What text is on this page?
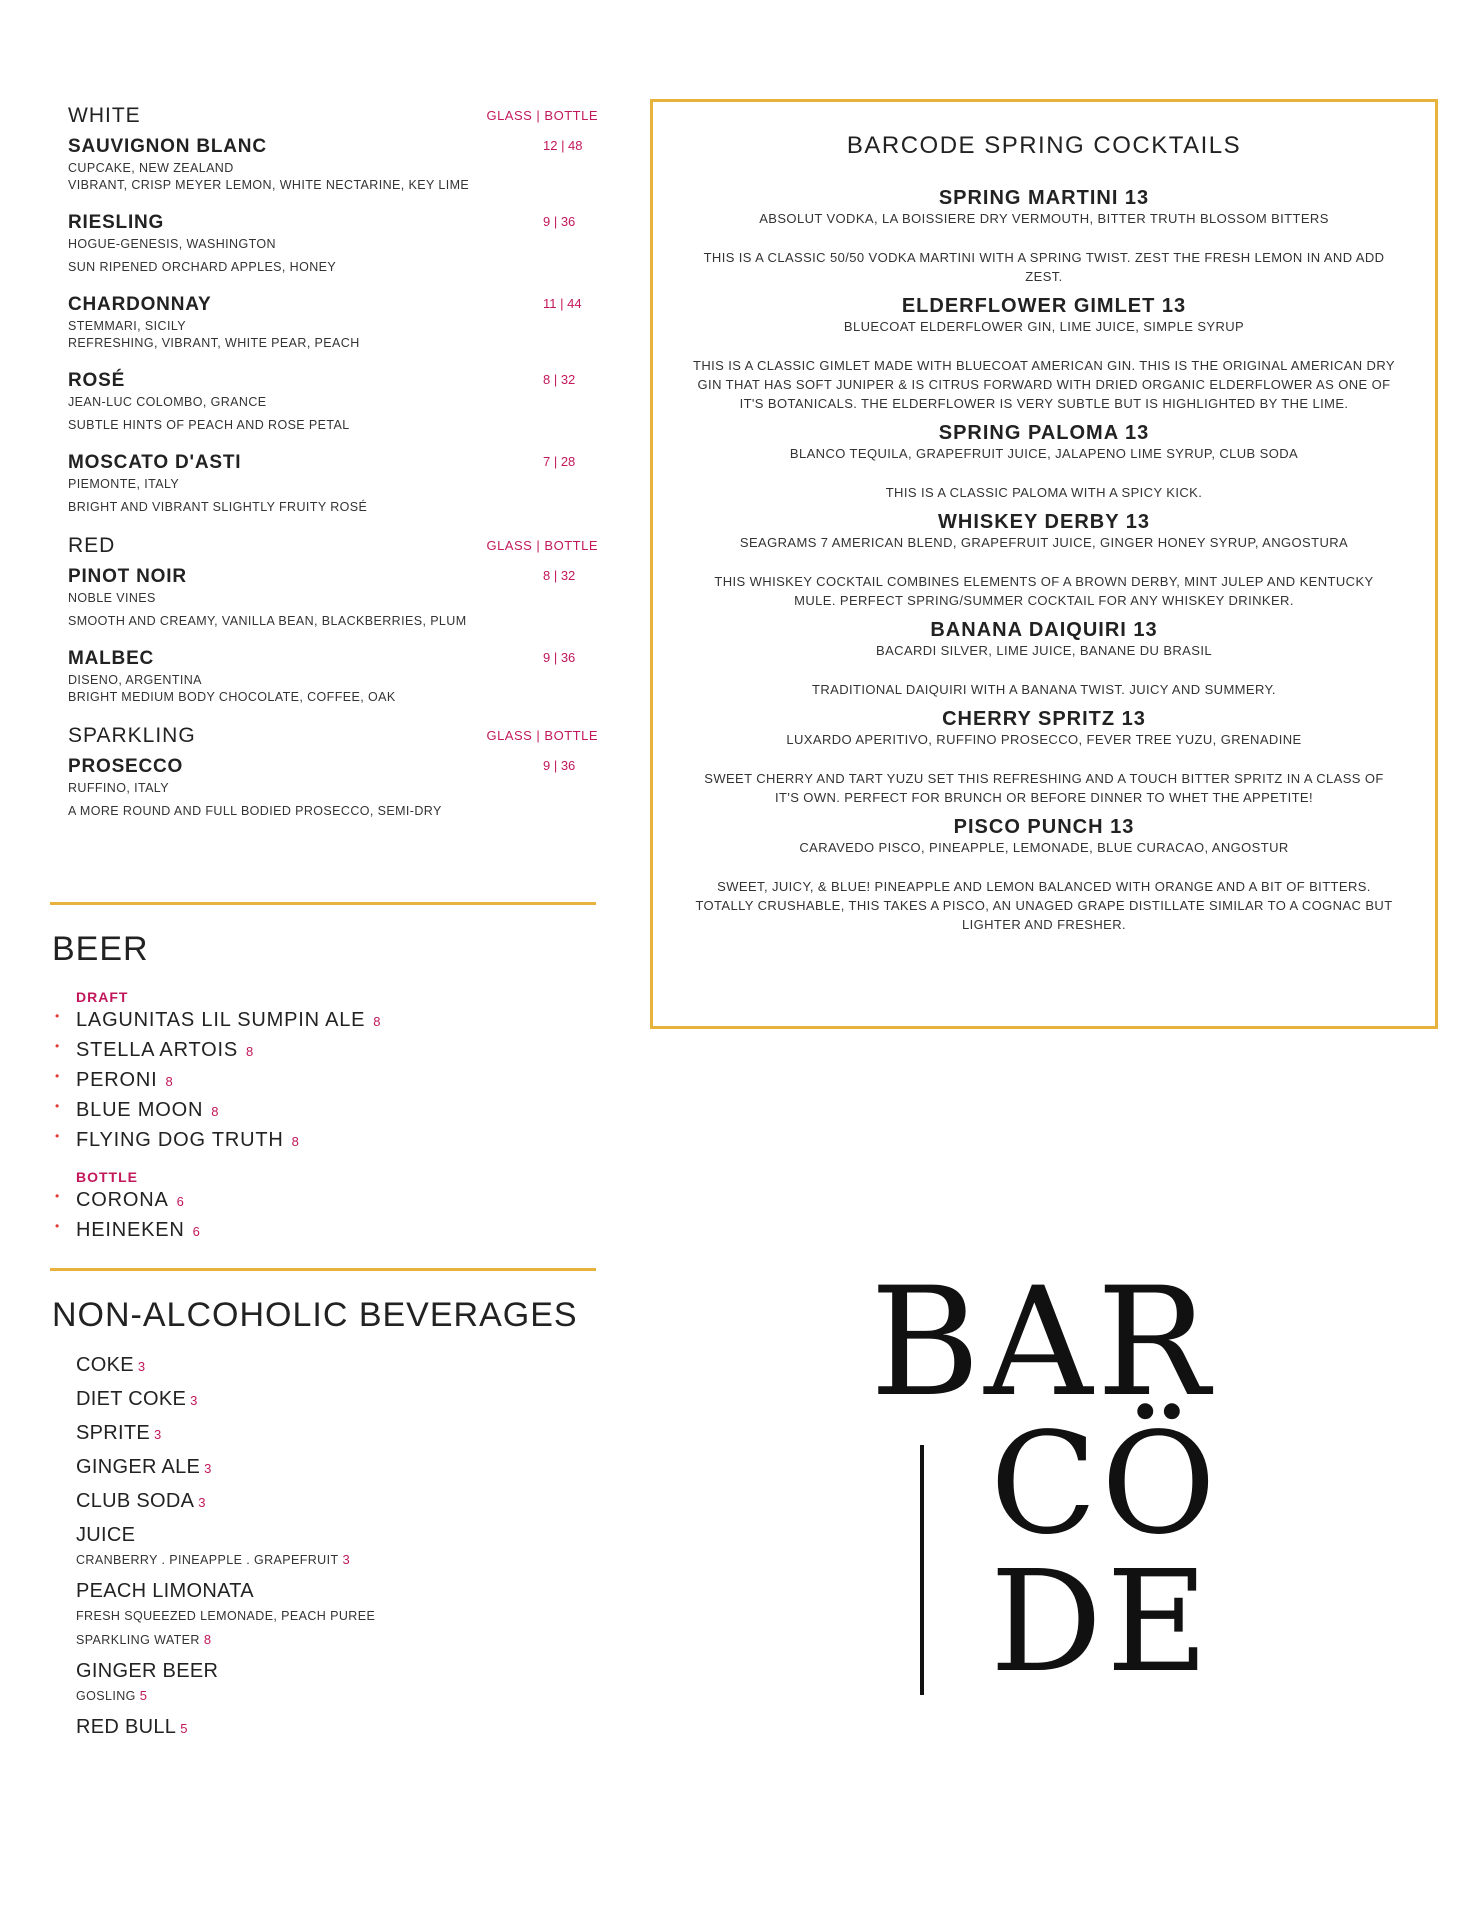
WHITE	GLASS | BOTTLE
SAUVIGNON BLANC	12 | 48
CUPCAKE, NEW ZEALAND
VIBRANT, CRISP MEYER LEMON, WHITE NECTARINE, KEY LIME
RIESLING	9 | 36
HOGUE-GENESIS, WASHINGTON
SUN RIPENED ORCHARD APPLES, HONEY
CHARDONNAY	11 | 44
STEMMARI, SICILY
REFRESHING, VIBRANT, WHITE PEAR, PEACH
ROSÉ	8 | 32
JEAN-LUC COLOMBO, GRANCE
SUBTLE HINTS OF PEACH AND ROSE PETAL
MOSCATO D'ASTI	7 | 28
PIEMONTE, ITALY
BRIGHT AND VIBRANT SLIGHTLY FRUITY ROSÉ
RED	GLASS | BOTTLE
PINOT NOIR	8 | 32
NOBLE VINES
SMOOTH AND CREAMY, VANILLA BEAN, BLACKBERRIES, PLUM
MALBEC	9 | 36
DISENO, ARGENTINA
BRIGHT MEDIUM BODY CHOCOLATE, COFFEE, OAK
SPARKLING	GLASS | BOTTLE
PROSECCO	9 | 36
RUFFINO, ITALY
A MORE ROUND AND FULL BODIED PROSECCO, SEMI-DRY
BEER
DRAFT
• LAGUNITAS LIL SUMPIN ALE 8
• STELLA ARTOIS 8
• PERONI 8
• BLUE MOON 8
• FLYING DOG TRUTH 8
BOTTLE
• CORONA 6
• HEINEKEN 6
NON-ALCOHOLIC BEVERAGES
COKE 3
DIET COKE 3
SPRITE 3
GINGER ALE 3
CLUB SODA 3
JUICE
CRANBERRY . PINEAPPLE . GRAPEFRUIT 3
PEACH LIMONATA
FRESH SQUEEZED LEMONADE, PEACH PUREE
SPARKLING WATER 8
GINGER BEER
GOSLING 5
RED BULL 5
BARCODE SPRING COCKTAILS
SPRING MARTINI 13
ABSOLUT VODKA, LA BOISSIERE DRY VERMOUTH, BITTER TRUTH BLOSSOM BITTERS
THIS IS A CLASSIC 50/50 VODKA MARTINI WITH A SPRING TWIST. ZEST THE FRESH LEMON IN AND ADD ZEST.
ELDERFLOWER GIMLET 13
BLUECOAT ELDERFLOWER GIN, LIME JUICE, SIMPLE SYRUP
THIS IS A CLASSIC GIMLET MADE WITH BLUECOAT AMERICAN GIN. THIS IS THE ORIGINAL AMERICAN DRY GIN THAT HAS SOFT JUNIPER & IS CITRUS FORWARD WITH DRIED ORGANIC ELDERFLOWER AS ONE OF IT'S BOTANICALS. THE ELDERFLOWER IS VERY SUBTLE BUT IS HIGHLIGHTED BY THE LIME.
SPRING PALOMA 13
BLANCO TEQUILA, GRAPEFRUIT JUICE, JALAPENO LIME SYRUP, CLUB SODA
THIS IS A CLASSIC PALOMA WITH A SPICY KICK.
WHISKEY DERBY 13
SEAGRAMS 7 AMERICAN BLEND, GRAPEFRUIT JUICE, GINGER HONEY SYRUP, ANGOSTURA
THIS WHISKEY COCKTAIL COMBINES ELEMENTS OF A BROWN DERBY, MINT JULEP AND KENTUCKY MULE. PERFECT SPRING/SUMMER COCKTAIL FOR ANY WHISKEY DRINKER.
BANANA DAIQUIRI 13
BACARDI SILVER, LIME JUICE, BANANE DU BRASIL
TRADITIONAL DAIQUIRI WITH A BANANA TWIST. JUICY AND SUMMERY.
CHERRY SPRITZ 13
LUXARDO APERITIVO, RUFFINO PROSECCO, FEVER TREE YUZU, GRENADINE
SWEET CHERRY AND TART YUZU SET THIS REFRESHING AND A TOUCH BITTER SPRITZ IN A CLASS OF IT'S OWN. PERFECT FOR BRUNCH OR BEFORE DINNER TO WHET THE APPETITE!
PISCO PUNCH 13
CARAVEDO PISCO, PINEAPPLE, LEMONADE, BLUE CURACAO, ANGOSTUR
SWEET, JUICY, & BLUE! PINEAPPLE AND LEMON BALANCED WITH ORANGE AND A BIT OF BITTERS. TOTALLY CRUSHABLE, THIS TAKES A PISCO, AN UNAGED GRAPE DISTILLATE SIMILAR TO A COGNAC BUT LIGHTER AND FRESHER.
BAR
CÖ
DE
